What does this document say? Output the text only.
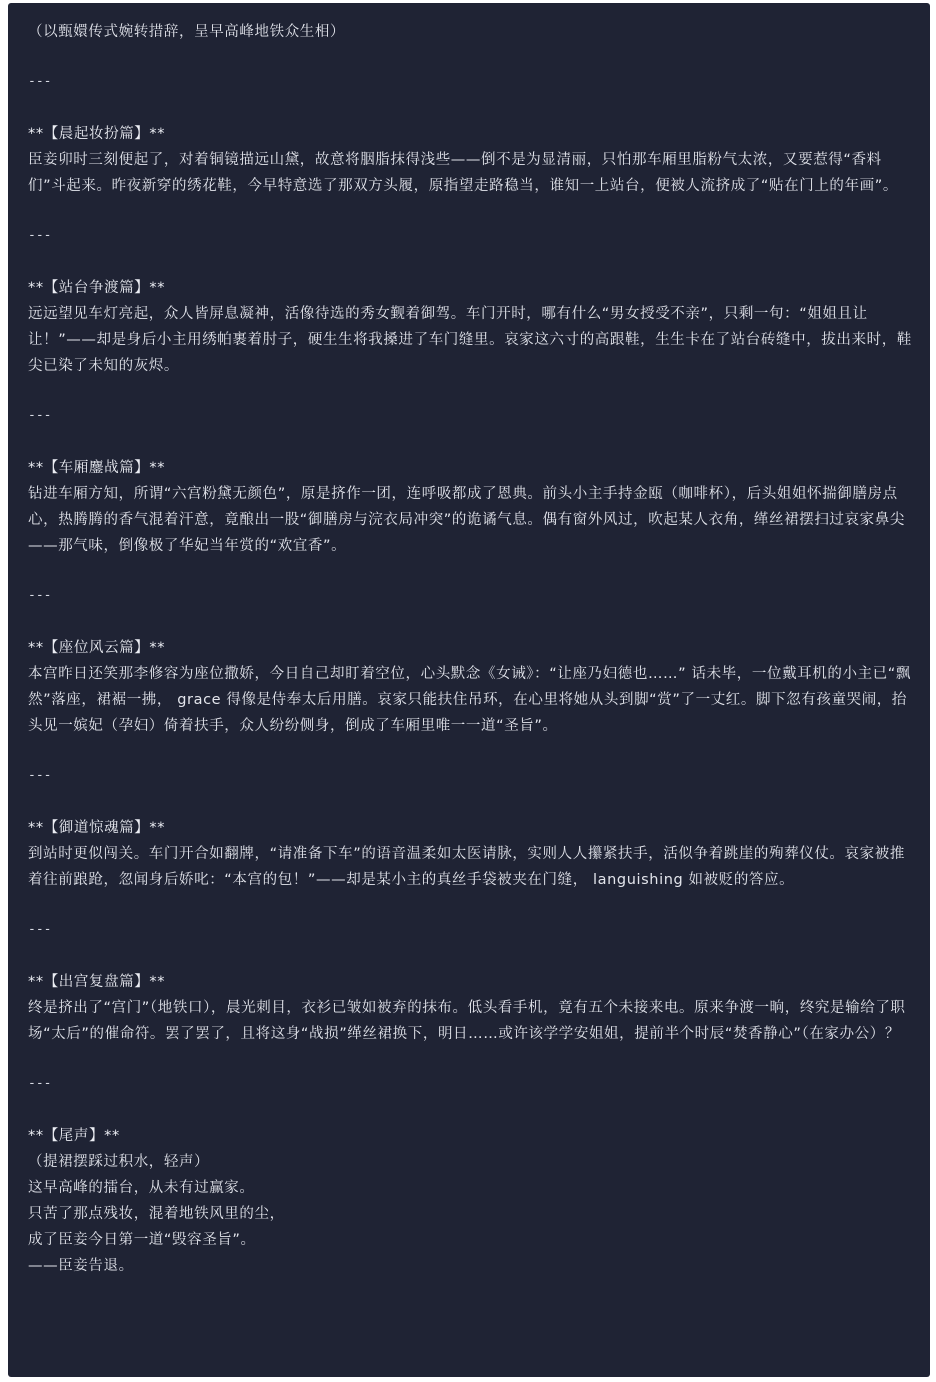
（以甄嬛传式婉转措辞，呈早高峰地铁众生相）
---
**【晨起妆扮篇】**
臣妾卯时三刻便起了，对着铜镜描远山黛，故意将胭脂抹得浅些——倒不是为显清丽，只怕那车厢里脂粉气太浓，又要惹得“香料们”斗起来。昨夜新穿的绣花鞋，今早特意选了那双方头履，原指望走路稳当，谁知一上站台，便被人流挤成了“贴在门上的年画”。
---
**【站台争渡篇】**
远远望见车灯亮起，众人皆屏息凝神，活像待选的秀女觐着御驾。车门开时，哪有什么“男女授受不亲”，只剩一句：“姐姐且让让！”——却是身后小主用绣帕裹着肘子，硬生生将我搡进了车门缝里。哀家这六寸的高跟鞋，生生卡在了站台砖缝中，拔出来时，鞋尖已染了未知的灰烬。
---
**【车厢鏖战篇】**
钻进车厢方知，所谓“六宫粉黛无颜色”，原是挤作一团，连呼吸都成了恩典。前头小主手持金瓯（咖啡杯），后头姐姐怀揣御膳房点心，热腾腾的香气混着汗意，竟酿出一股“御膳房与浣衣局冲突”的诡谲气息。偶有窗外风过，吹起某人衣角，缂丝裙摆扫过哀家鼻尖——那气味，倒像极了华妃当年赏的“欢宜香”。
---
**【座位风云篇】**
本宫昨日还笑那李修容为座位撒娇，今日自己却盯着空位，心头默念《女诫》：“让座乃妇德也……” 话未毕，一位戴耳机的小主已“飘然”落座，裙裾一拂， grace 得像是侍奉太后用膳。哀家只能扶住吊环，在心里将她从头到脚“赏”了一丈红。脚下忽有孩童哭闹，抬头见一嫔妃（孕妇）倚着扶手，众人纷纷侧身，倒成了车厢里唯一一道“圣旨”。
---
**【御道惊魂篇】**
到站时更似闯关。车门开合如翻牌，“请准备下车”的语音温柔如太医请脉，实则人人攥紧扶手，活似争着跳崖的殉葬仪仗。哀家被推着往前踉跄，忽闻身后娇叱：“本宫的包！”——却是某小主的真丝手袋被夹在门缝， languishing 如被贬的答应。
---
**【出宫复盘篇】**
终是挤出了“宫门”（地铁口），晨光刺目，衣衫已皱如被弃的抹布。低头看手机，竟有五个未接来电。原来争渡一晌，终究是输给了职场“太后”的催命符。罢了罢了，且将这身“战损”缂丝裙换下，明日……或许该学学安姐姐，提前半个时辰“焚香静心”（在家办公）？
---
**【尾声】**
（提裙摆踩过积水，轻声）
这早高峰的擂台，从未有过赢家。
只苦了那点残妆，混着地铁风里的尘，
成了臣妾今日第一道“毁容圣旨”。
——臣妾告退。
